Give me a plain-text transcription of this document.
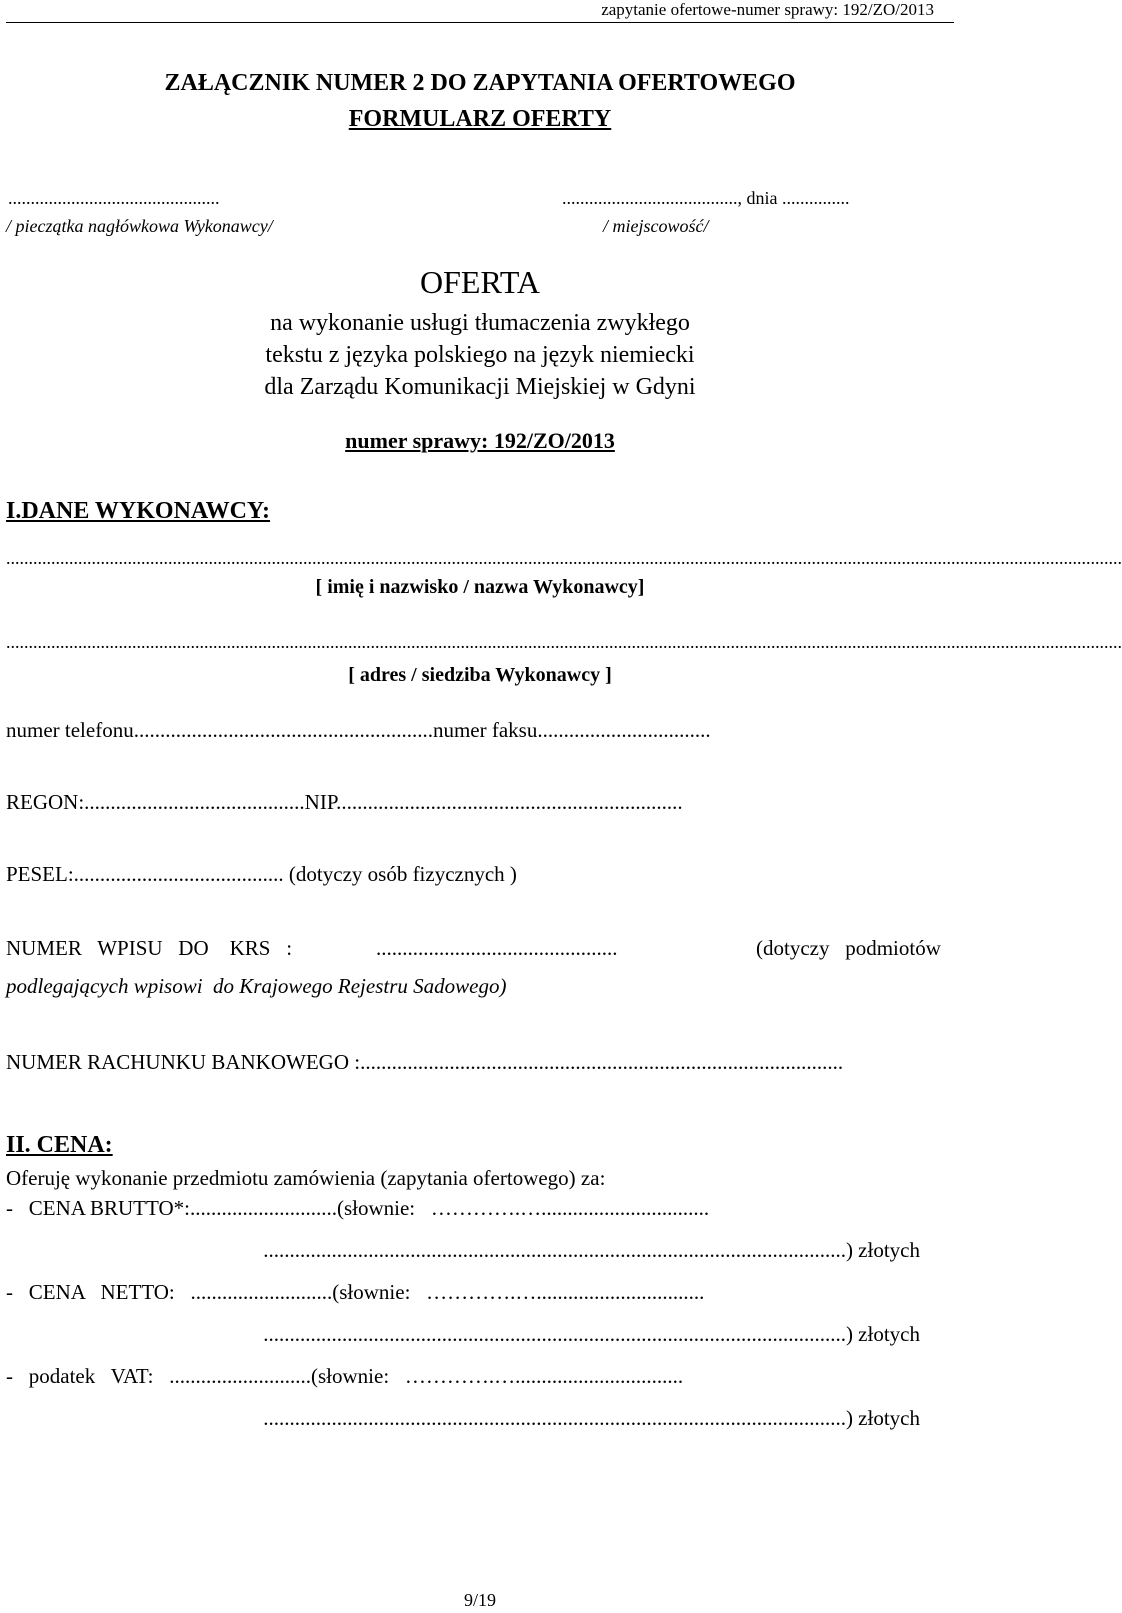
zapytanie ofertowe-numer sprawy: 192/ZO/2013
ZAŁĄCZNIK NUMER 2 DO ZAPYTANIA OFERTOWEGO
FORMULARZ OFERTY
...............................................	......................................., dnia ...............
/ pieczątka nagłówkowa Wykonawcy/	/ miejscowość/
OFERTA
na wykonanie usługi tłumaczenia zwykłego
tekstu z języka polskiego na język niemiecki
dla Zarządu Komunikacji Miejskiej w Gdyni
numer sprawy: 192/ZO/2013
I.DANE WYKONAWCY:
........................................................................................................................................................................................................................................................
[ imię i nazwisko / nazwa Wykonawcy]
........................................................................................................................................................................................................................................................
[ adres / siedziba Wykonawcy ]
numer telefonu.........................................................numer faksu.................................
REGON:..........................................NIP..................................................................
PESEL:........................................ (dotyczy osób fizycznych )
NUMER   WPISU   DO    KRS   :	..............................................	(dotyczy   podmiotów
podlegających wpisowi  do Krajowego Rejestru Sadowego)
NUMER RACHUNKU BANKOWEGO :............................................................................................
II. CENA:
Oferuję wykonanie przedmiotu zamówienia (zapytania ofertowego) za:
-   CENA BRUTTO*:............................(słownie:   ………….…................................
...............................................................................................................) złotych
-   CENA   NETTO:   ...........................(słownie:   ………….…................................
...............................................................................................................) złotych
-   podatek   VAT:   ...........................(słownie:   ………….…................................
...............................................................................................................) złotych
9/19
